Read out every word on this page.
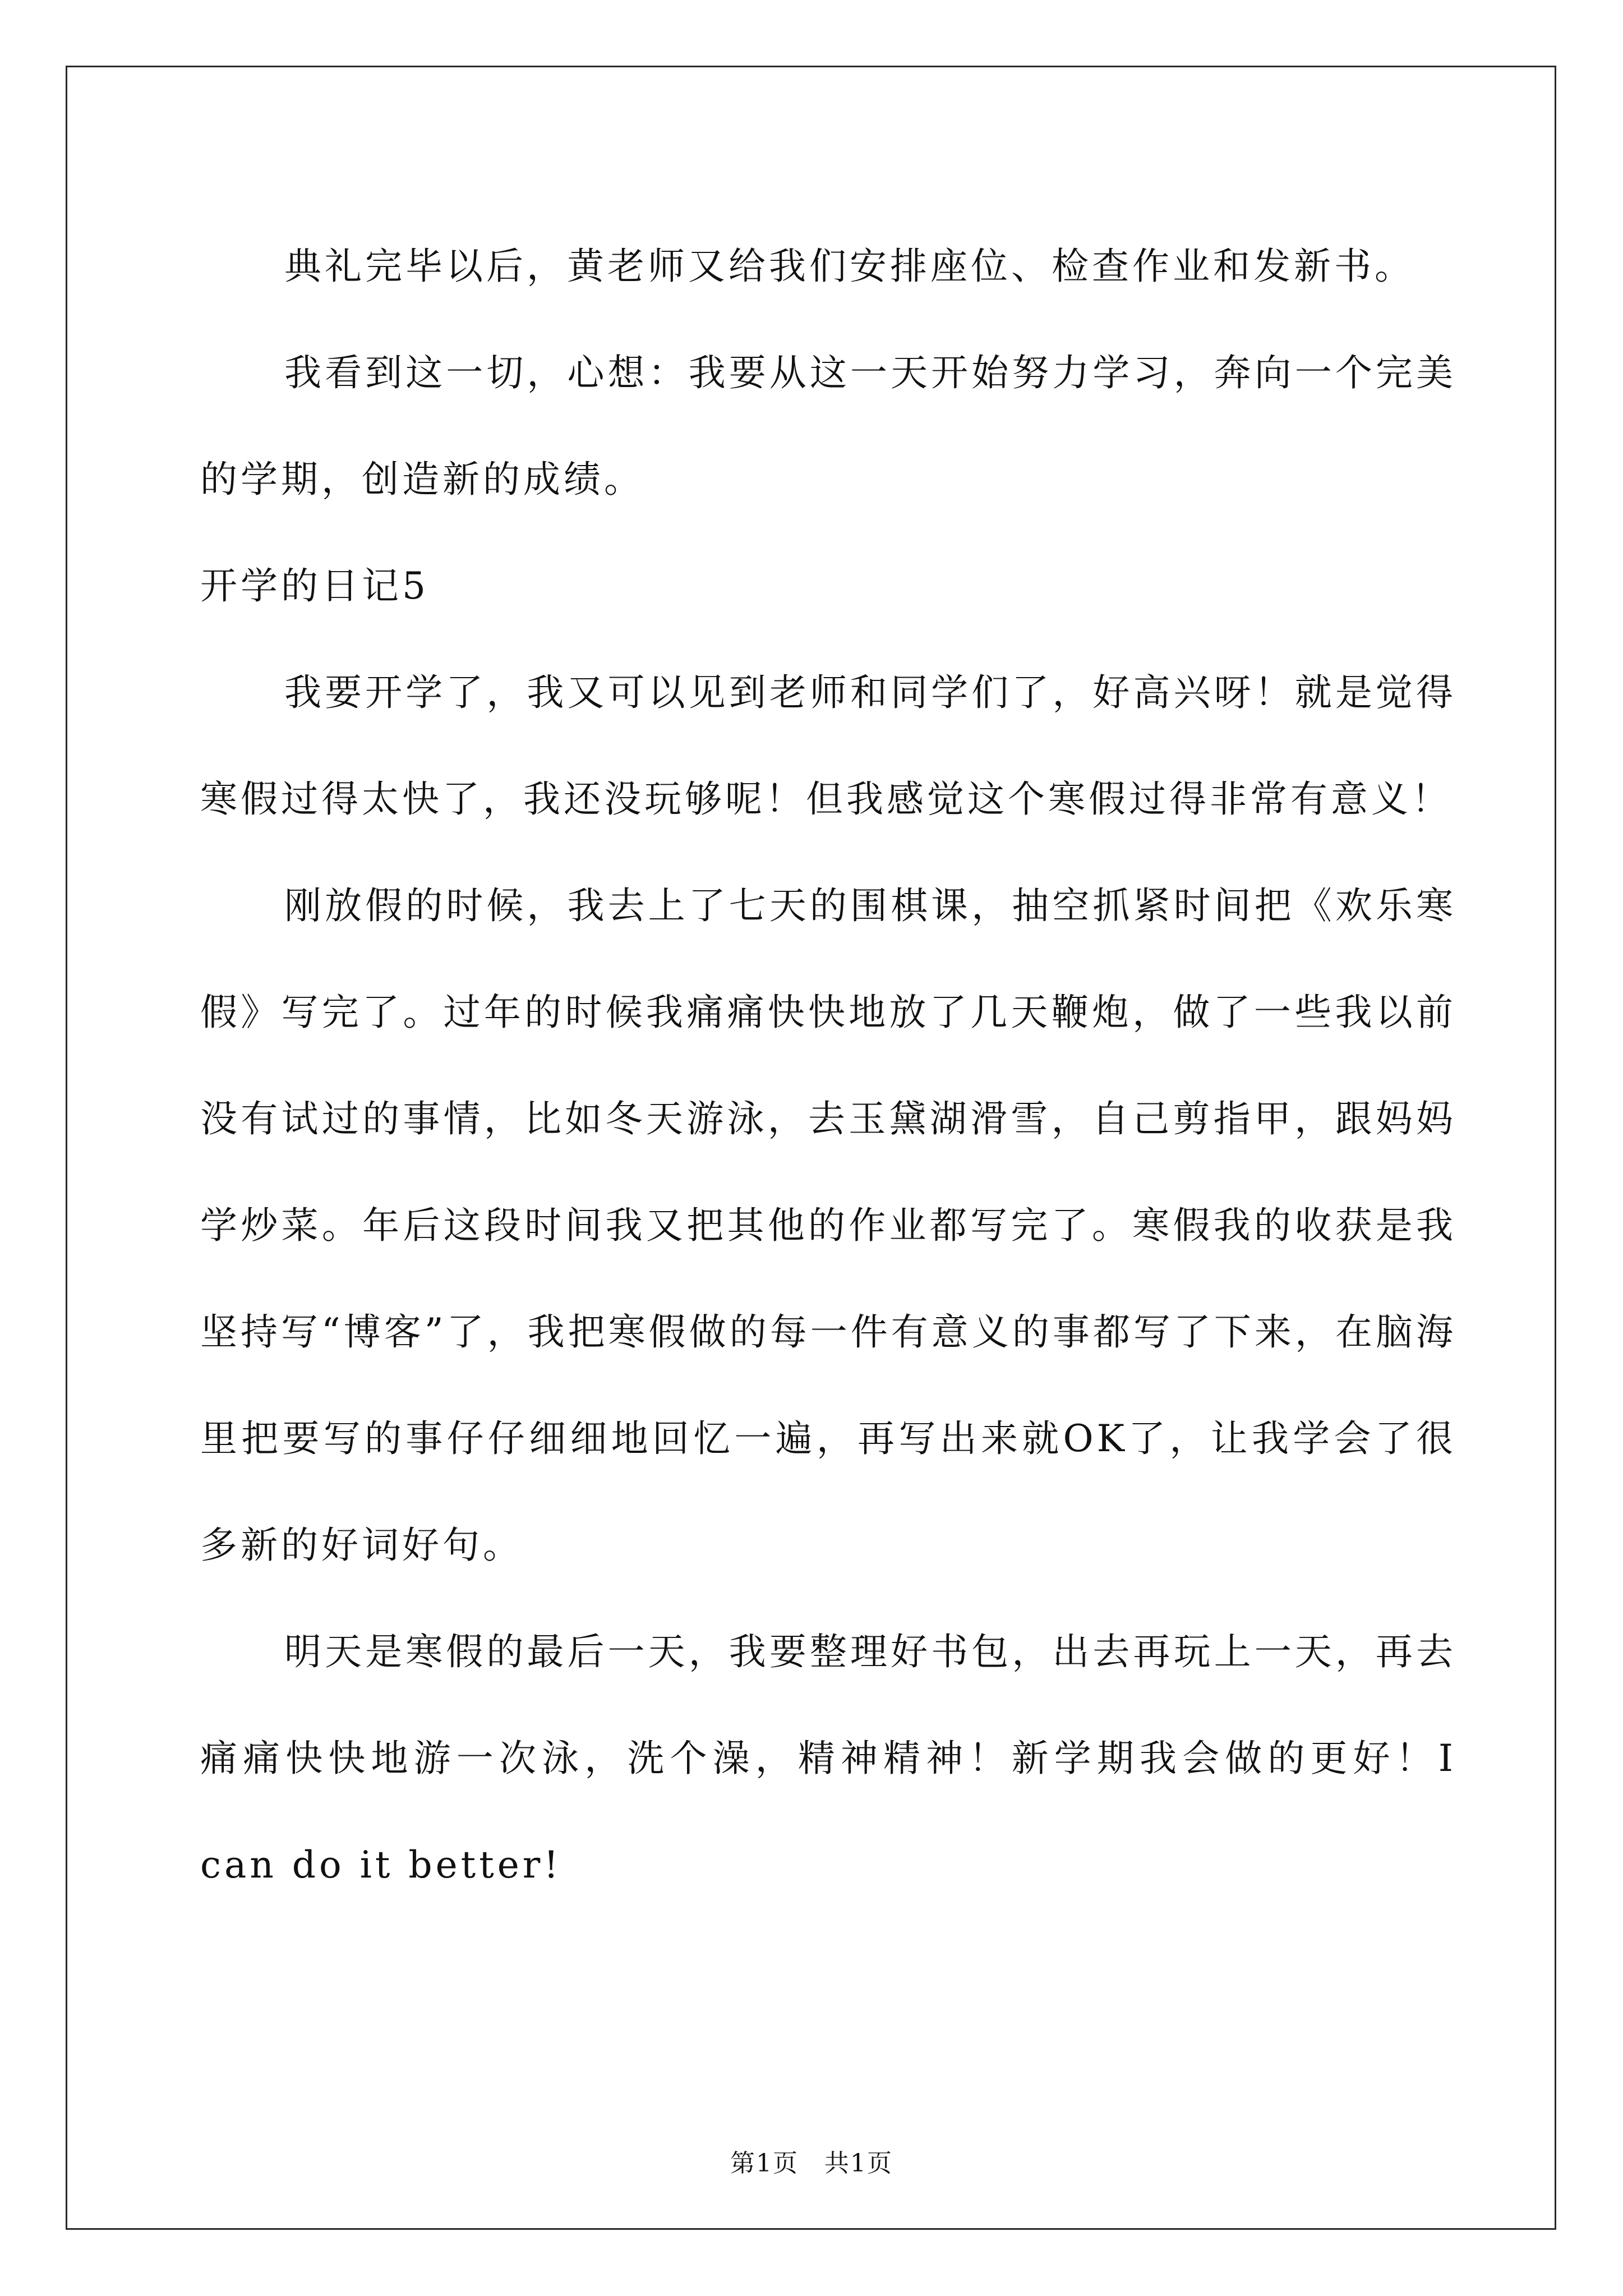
典礼完毕以后，黄老师又给我们安排座位、检查作业和发新书。

我看到这一切，心想：我要从这一天开始努力学习，奔向一个完美的学期，创造新的成绩。

开学的日记5

我要开学了，我又可以见到老师和同学们了，好高兴呀！就是觉得寒假过得太快了，我还没玩够呢！但我感觉这个寒假过得非常有意义！

刚放假的时候，我去上了七天的围棋课，抽空抓紧时间把《欢乐寒假》写完了。过年的时候我痛痛快快地放了几天鞭炮，做了一些我以前没有试过的事情，比如冬天游泳，去玉黛湖滑雪，自己剪指甲，跟妈妈学炒菜。年后这段时间我又把其他的作业都写完了。寒假我的收获是我坚持写“博客”了，我把寒假做的每一件有意义的事都写了下来，在脑海里把要写的事仔仔细细地回忆一遍，再写出来就OK了，让我学会了很多新的好词好句。

明天是寒假的最后一天，我要整理好书包，出去再玩上一天，再去痛痛快快地游一次泳，洗个澡，精神精神！新学期我会做的更好！I can do it better!

第1页　共1页
